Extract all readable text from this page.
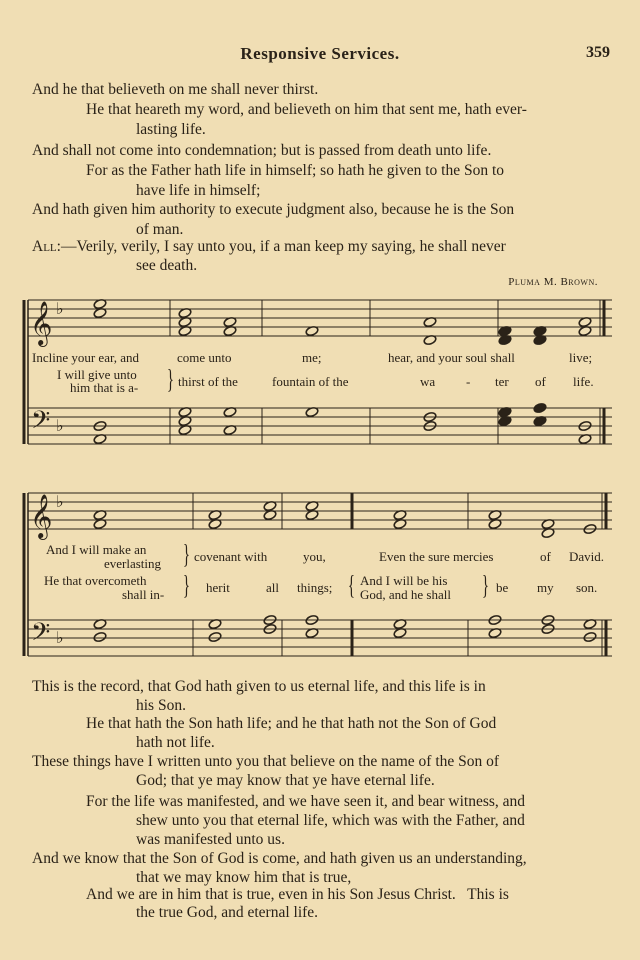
Responsive Services.	359
And he that believeth on me shall never thirst.
He that heareth my word, and believeth on him that sent me, hath ever-
lasting life.
And shall not come into condemnation; but is passed from death unto life.
For as the Father hath life in himself; so hath he given to the Son to
have life in himself;
And hath given him authority to execute judgment also, because he is the Son
of man.
All:—Verily, verily, I say unto you, if a man keep my saying, he shall never
see death.
Pluma M. Brown.
𝄞
𝄢
♭
♭
𝄞
𝄢
♭
♭
Incline your ear, and	come unto	me;	hear, and your soul shall	live;
I will give unto
him that is a- } thirst of the	fountain of the	wa - ter of life.
And I will make an
everlasting } covenant with	you,	Even the sure mercies	of David.
He that overcometh
shall in- } herit	all things; { And I will be his
God, and he shall } be my son.
This is the record, that God hath given to us eternal life, and this life is in
his Son.
He that hath the Son hath life; and he that hath not the Son of God
hath not life.
These things have I written unto you that believe on the name of the Son of
God; that ye may know that ye have eternal life.
For the life was manifested, and we have seen it, and bear witness, and
shew unto you that eternal life, which was with the Father, and
was manifested unto us.
And we know that the Son of God is come, and hath given us an understanding,
that we may know him that is true,
And we are in him that is true, even in his Son Jesus Christ.   This is
the true God, and eternal life.
